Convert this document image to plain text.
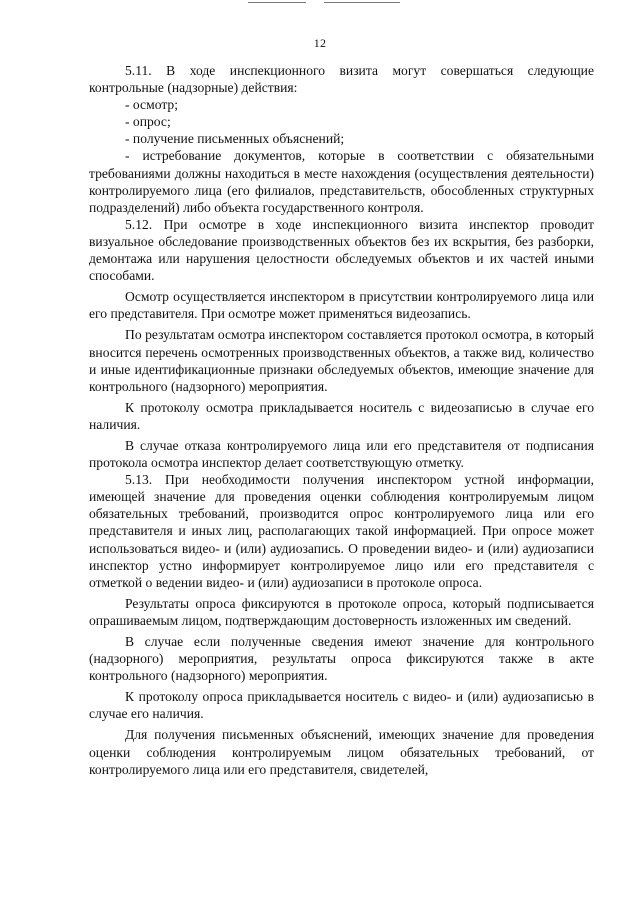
12

5.11. В ходе инспекционного визита могут совершаться следующие контрольные (надзорные) действия:

- осмотр;

- опрос;

- получение письменных объяснений;

- истребование документов, которые в соответствии с обязательными требованиями должны находиться в месте нахождения (осуществления деятельности) контролируемого лица (его филиалов, представительств, обособленных структурных подразделений) либо объекта государственного контроля.

5.12. При осмотре в ходе инспекционного визита инспектор проводит визуальное обследование производственных объектов без их вскрытия, без разборки, демонтажа или нарушения целостности обследуемых объектов и их частей иными способами.

Осмотр осуществляется инспектором в присутствии контролируемого лица или его представителя. При осмотре может применяться видеозапись.

По результатам осмотра инспектором составляется протокол осмотра, в который вносится перечень осмотренных производственных объектов, а также вид, количество и иные идентификационные признаки обследуемых объектов, имеющие значение для контрольного (надзорного) мероприятия.

К протоколу осмотра прикладывается носитель с видеозаписью в случае его наличия.

В случае отказа контролируемого лица или его представителя от подписания протокола осмотра инспектор делает соответствующую отметку.

5.13. При необходимости получения инспектором устной информации, имеющей значение для проведения оценки соблюдения контролируемым лицом обязательных требований, производится опрос контролируемого лица или его представителя и иных лиц, располагающих такой информацией. При опросе может использоваться видео- и (или) аудиозапись. О проведении видео- и (или) аудиозаписи инспектор устно информирует контролируемое лицо или его представителя с отметкой о ведении видео- и (или) аудиозаписи в протоколе опроса.

Результаты опроса фиксируются в протоколе опроса, который подписывается опрашиваемым лицом, подтверждающим достоверность изложенных им сведений.

В случае если полученные сведения имеют значение для контрольного (надзорного) мероприятия, результаты опроса фиксируются также в акте контрольного (надзорного) мероприятия.

К протоколу опроса прикладывается носитель с видео- и (или) аудиозаписью в случае его наличия.

Для получения письменных объяснений, имеющих значение для проведения оценки соблюдения контролируемым лицом обязательных требований, от контролируемого лица или его представителя, свидетелей,
